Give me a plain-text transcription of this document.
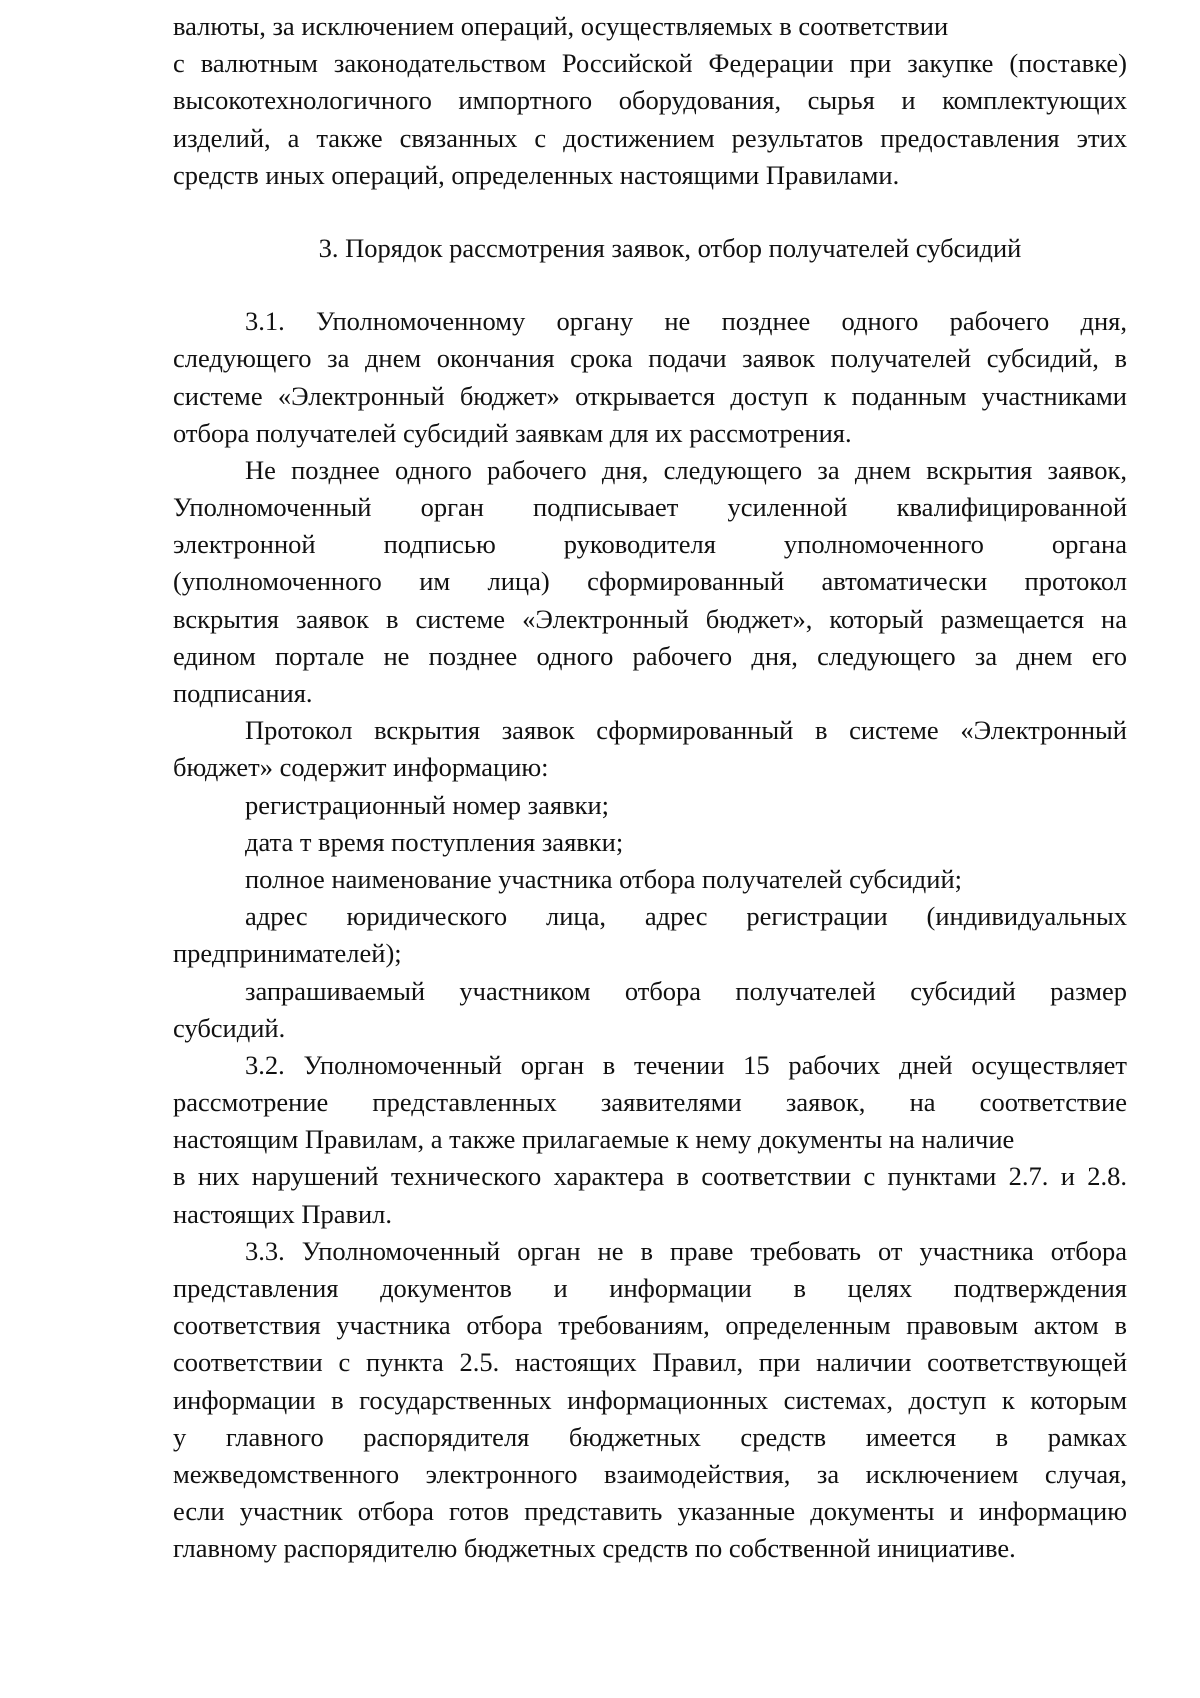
валюты, за исключением операций, осуществляемых в соответствии
с валютным законодательством Российской Федерации при закупке (поставке)
высокотехнологичного импортного оборудования, сырья и комплектующих
изделий, а также связанных с достижением результатов предоставления этих
средств иных операций, определенных настоящими Правилами.
3. Порядок рассмотрения заявок, отбор получателей субсидий
3.1. Уполномоченному органу не позднее одного рабочего дня,
следующего за днем окончания срока подачи заявок получателей субсидий, в
системе «Электронный бюджет» открывается доступ к поданным участниками
отбора получателей субсидий заявкам для их рассмотрения.
Не позднее одного рабочего дня, следующего за днем вскрытия заявок,
Уполномоченный орган подписывает усиленной квалифицированной
электронной подписью руководителя уполномоченного органа
(уполномоченного им лица) сформированный автоматически протокол
вскрытия заявок в системе «Электронный бюджет», который размещается на
едином портале не позднее одного рабочего дня, следующего за днем его
подписания.
Протокол вскрытия заявок сформированный в системе «Электронный
бюджет» содержит информацию:
регистрационный номер заявки;
дата т время поступления заявки;
полное наименование участника отбора получателей субсидий;
адрес юридического лица, адрес регистрации (индивидуальных
предпринимателей);
запрашиваемый участником отбора получателей субсидий размер
субсидий.
3.2. Уполномоченный орган в течении 15 рабочих дней осуществляет
рассмотрение представленных заявителями заявок, на соответствие
настоящим Правилам, а также прилагаемые к нему документы на наличие
в них нарушений технического характера в соответствии с пунктами 2.7. и 2.8.
настоящих Правил.
3.3. Уполномоченный орган не в праве требовать от участника отбора
представления документов и информации в целях подтверждения
соответствия участника отбора требованиям, определенным правовым актом в
соответствии с пункта 2.5. настоящих Правил, при наличии соответствующей
информации в государственных информационных системах, доступ к которым
у главного распорядителя бюджетных средств имеется в рамках
межведомственного электронного взаимодействия, за исключением случая,
если участник отбора готов представить указанные документы и информацию
главному распорядителю бюджетных средств по собственной инициативе.
